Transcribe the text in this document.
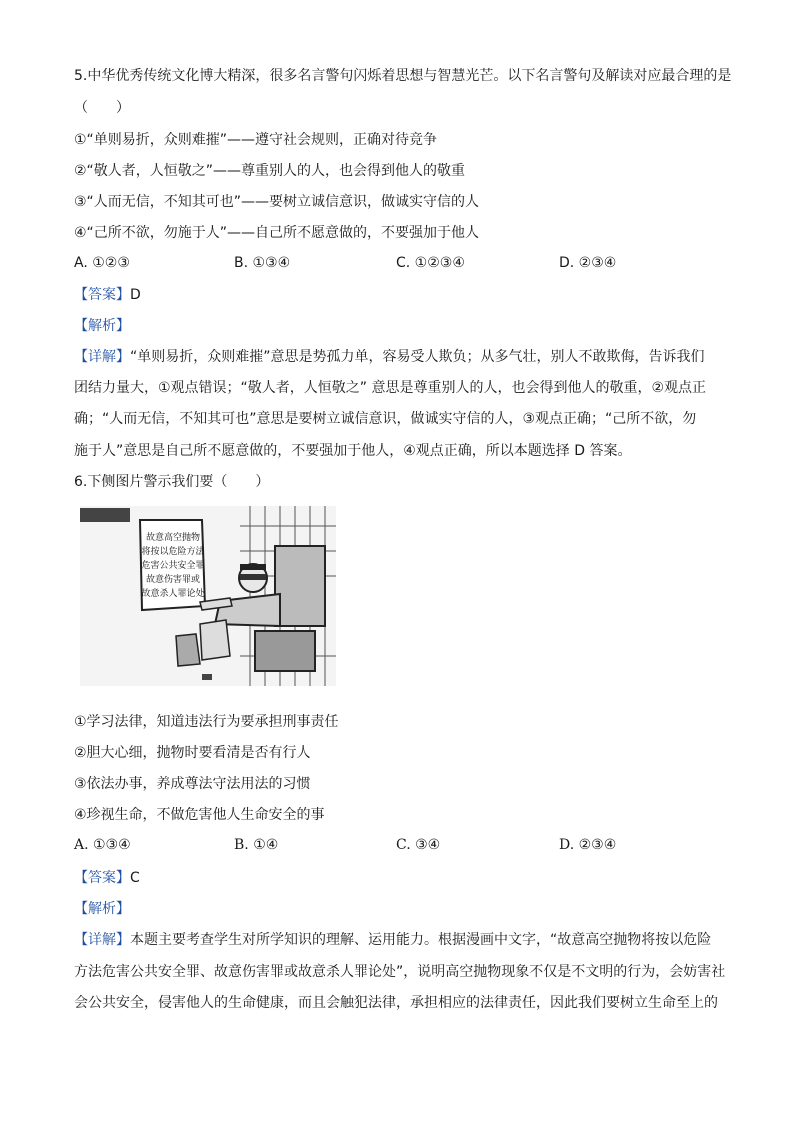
5.中华优秀传统文化博大精深，很多名言警句闪烁着思想与智慧光芒。以下名言警句及解读对应最合理的是
（　　）
①“单则易折，众则难摧”——遵守社会规则，正确对待竞争
②“敬人者，人恒敬之”——尊重别人的人，也会得到他人的敬重
③“人而无信，不知其可也”——要树立诚信意识，做诚实守信的人
④“己所不欲，勿施于人”——自己所不愿意做的，不要强加于他人
A. ①②③	B. ①③④	C. ①②③④	D. ②③④
【答案】D
【解析】
【详解】“单则易折，众则难摧”意思是势孤力单，容易受人欺负；从多气壮，别人不敢欺侮，告诉我们
团结力量大，①观点错误；“敬人者，人恒敬之” 意思是尊重别人的人，也会得到他人的敬重，②观点正
确；“人而无信，不知其可也”意思是要树立诚信意识，做诚实守信的人，③观点正确；“己所不欲，勿
施于人”意思是自己所不愿意做的，不要强加于他人，④观点正确，所以本题选择 D 答案。
6.下侧图片警示我们要（　　）
故意高空抛物
将按以危险方法
危害公共安全罪
故意伤害罪或
故意杀人罪论处
①学习法律，知道违法行为要承担刑事责任
②胆大心细，抛物时要看清是否有行人
③依法办事，养成尊法守法用法的习惯
④珍视生命，不做危害他人生命安全的事
A. ①③④	B. ①④	C. ③④	D. ②③④
【答案】C
【解析】
【详解】本题主要考查学生对所学知识的理解、运用能力。根据漫画中文字，“故意高空抛物将按以危险
方法危害公共安全罪、故意伤害罪或故意杀人罪论处”，说明高空抛物现象不仅是不文明的行为，会妨害社
会公共安全，侵害他人的生命健康，而且会触犯法律，承担相应的法律责任，因此我们要树立生命至上的
